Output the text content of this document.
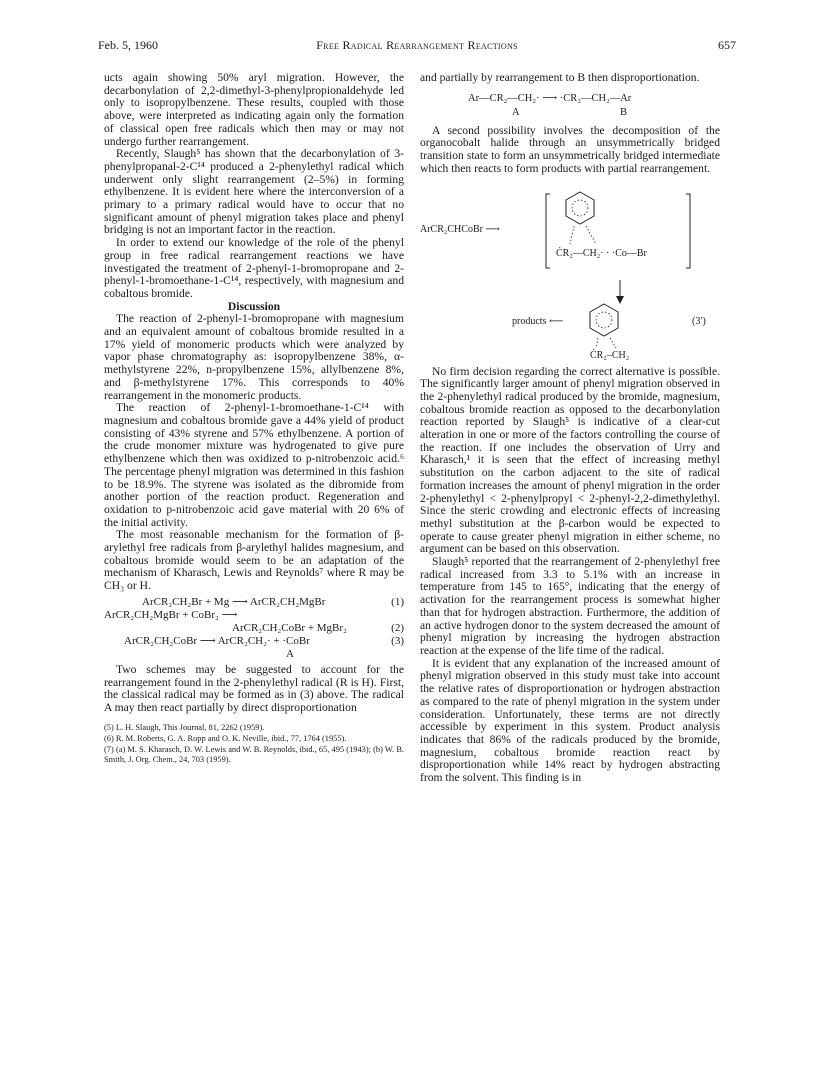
Feb. 5, 1960	Free Radical Rearrangement Reactions	657

ucts again showing 50% aryl migration. However, the decarbonylation of 2,2-dimethyl-3-phenylpropionaldehyde led only to isopropylbenzene. These results, coupled with those above, were interpreted as indicating again only the formation of classical open free radicals which then may or may not undergo further rearrangement.

Recently, Slaugh⁵ has shown that the decarbonylation of 3-phenylpropanal-2-C¹⁴ produced a 2-phenylethyl radical which underwent only slight rearrangement (2–5%) in forming ethylbenzene. It is evident here where the interconversion of a primary to a primary radical would have to occur that no significant amount of phenyl migration takes place and phenyl bridging is not an important factor in the reaction.

In order to extend our knowledge of the role of the phenyl group in free radical rearrangement reactions we have investigated the treatment of 2-phenyl-1-bromopropane and 2-phenyl-1-bromoethane-1-C¹⁴, respectively, with magnesium and cobaltous bromide.

Discussion

The reaction of 2-phenyl-1-bromopropane with magnesium and an equivalent amount of cobaltous bromide resulted in a 17% yield of monomeric products which were analyzed by vapor phase chromatography as: isopropylbenzene 38%, α-methylstyrene 22%, n-propylbenzene 15%, allylbenzene 8%, and β-methylstyrene 17%. This corresponds to 40% rearrangement in the monomeric products.

The reaction of 2-phenyl-1-bromoethane-1-C¹⁴ with magnesium and cobaltous bromide gave a 44% yield of product consisting of 43% styrene and 57% ethylbenzene. A portion of the crude monomer mixture was hydrogenated to give pure ethylbenzene which then was oxidized to p-nitrobenzoic acid.⁶ The percentage phenyl migration was determined in this fashion to be 18.9%. The styrene was isolated as the dibromide from another portion of the reaction product. Regeneration and oxidation to p-nitrobenzoic acid gave material with 20 6% of the initial activity.

The most reasonable mechanism for the formation of β-arylethyl free radicals from β-arylethyl halides magnesium, and cobaltous bromide would seem to be an adaptation of the mechanism of Kharasch, Lewis and Reynolds⁷ where R may be CH₃ or H.

ArCR₂CH₂Br + Mg ⟶ ArCR₂CH₂MgBr	(1)
ArCR₂CH₂MgBr + CoBr₂ ⟶
ArCR₂CH₂CoBr + MgBr₂	(2)
ArCR₂CH₂CoBr ⟶ ArCR₂CH₂· + ·CoBr	(3)
A

Two schemes may be suggested to account for the rearrangement found in the 2-phenylethyl radical (R is H). First, the classical radical may be formed as in (3) above. The radical A may then react partially by direct disproportionation

(5) L. H. Slaugh, This Journal, 81, 2262 (1959).
(6) R. M. Roberts, G. A. Ropp and O. K. Neville, ibid., 77, 1764 (1955).
(7) (a) M. S. Kharasch, D. W. Lewis and W. B. Reynolds, ibid., 65, 495 (1943); (b) W. B. Smith, J. Org. Chem., 24, 703 (1959).

and partially by rearrangement to B then disproportionation.

Ar—CR₂—CH₂· ⟶ ·CR₂—CH₂—Ar
A	B

A second possibility involves the decomposition of the organocobalt halide through an unsymmetrically bridged transition state to form an unsymmetrically bridged intermediate which then reacts to form products with partial rearrangement.

ArCR₂CHCoBr ⟶
ĊR₂—CH₂· · ·Co—Br
products ⟵
ĊR₂–CH₂
(3′)

No firm decision regarding the correct alternative is possible. The significantly larger amount of phenyl migration observed in the 2-phenylethyl radical produced by the bromide, magnesium, cobaltous bromide reaction as opposed to the decarbonylation reaction reported by Slaugh⁵ is indicative of a clear-cut alteration in one or more of the factors controlling the course of the reaction. If one includes the observation of Urry and Kharasch,¹ it is seen that the effect of increasing methyl substitution on the carbon adjacent to the site of radical formation increases the amount of phenyl migration in the order 2-phenylethyl < 2-phenylpropyl < 2-phenyl-2,2-dimethylethyl. Since the steric crowding and electronic effects of increasing methyl substitution at the β-carbon would be expected to operate to cause greater phenyl migration in either scheme, no argument can be based on this observation.

Slaugh⁵ reported that the rearrangement of 2-phenylethyl free radical increased from 3.3 to 5.1% with an increase in temperature from 145 to 165°, indicating that the energy of activation for the rearrangement process is somewhat higher than that for hydrogen abstraction. Furthermore, the addition of an active hydrogen donor to the system decreased the amount of phenyl migration by increasing the hydrogen abstraction reaction at the expense of the life time of the radical.

It is evident that any explanation of the increased amount of phenyl migration observed in this study must take into account the relative rates of disproportionation or hydrogen abstraction as compared to the rate of phenyl migration in the system under consideration. Unfortunately, these terms are not directly accessible by experiment in this system. Product analysis indicates that 86% of the radicals produced by the bromide, magnesium, cobaltous bromide reaction react by disproportionation while 14% react by hydrogen abstracting from the solvent. This finding is in
